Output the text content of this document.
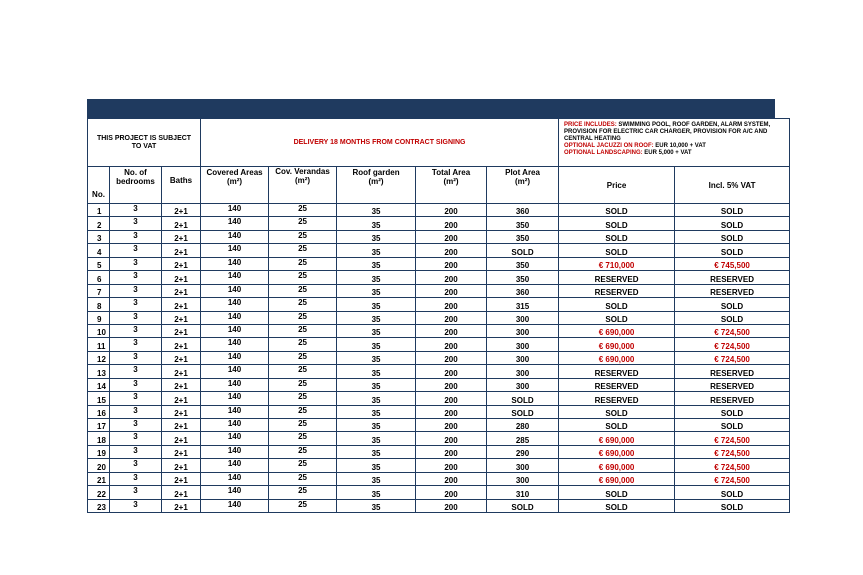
THIS PROJECT IS SUBJECT
TO VAT			DELIVERY 18 MONTHS FROM CONTRACT SIGNING					PRICE INCLUDES: SWIMMING POOL, ROOF GARDEN, ALARM SYSTEM,
PROVISION FOR ELECTRIC CAR CHARGER, PROVISION FOR A/C AND
CENTRAL HEATING
OPTIONAL JACUZZI ON ROOF: EUR 10,000 + VAT
OPTIONAL LANDSCAPING: EUR 5,000 + VAT	
No.	No. of
bedrooms	Baths	Covered Areas
(m²)	Cov. Verandas
(m²)	Roof garden
(m²)	Total Area
(m²)	Plot Area
(m²)	Price	Incl. 5% VAT
1	3	2+1	140	25	35	200	360	SOLD	SOLD
2	3	2+1	140	25	35	200	350	SOLD	SOLD
3	3	2+1	140	25	35	200	350	SOLD	SOLD
4	3	2+1	140	25	35	200	SOLD	SOLD	SOLD
5	3	2+1	140	25	35	200	350	€ 710,000	€ 745,500
6	3	2+1	140	25	35	200	350	RESERVED	RESERVED
7	3	2+1	140	25	35	200	360	RESERVED	RESERVED
8	3	2+1	140	25	35	200	315	SOLD	SOLD
9	3	2+1	140	25	35	200	300	SOLD	SOLD
10	3	2+1	140	25	35	200	300	€ 690,000	€ 724,500
11	3	2+1	140	25	35	200	300	€ 690,000	€ 724,500
12	3	2+1	140	25	35	200	300	€ 690,000	€ 724,500
13	3	2+1	140	25	35	200	300	RESERVED	RESERVED
14	3	2+1	140	25	35	200	300	RESERVED	RESERVED
15	3	2+1	140	25	35	200	SOLD	RESERVED	RESERVED
16	3	2+1	140	25	35	200	SOLD	SOLD	SOLD
17	3	2+1	140	25	35	200	280	SOLD	SOLD
18	3	2+1	140	25	35	200	285	€ 690,000	€ 724,500
19	3	2+1	140	25	35	200	290	€ 690,000	€ 724,500
20	3	2+1	140	25	35	200	300	€ 690,000	€ 724,500
21	3	2+1	140	25	35	200	300	€ 690,000	€ 724,500
22	3	2+1	140	25	35	200	310	SOLD	SOLD
23	3	2+1	140	25	35	200	SOLD	SOLD	SOLD
